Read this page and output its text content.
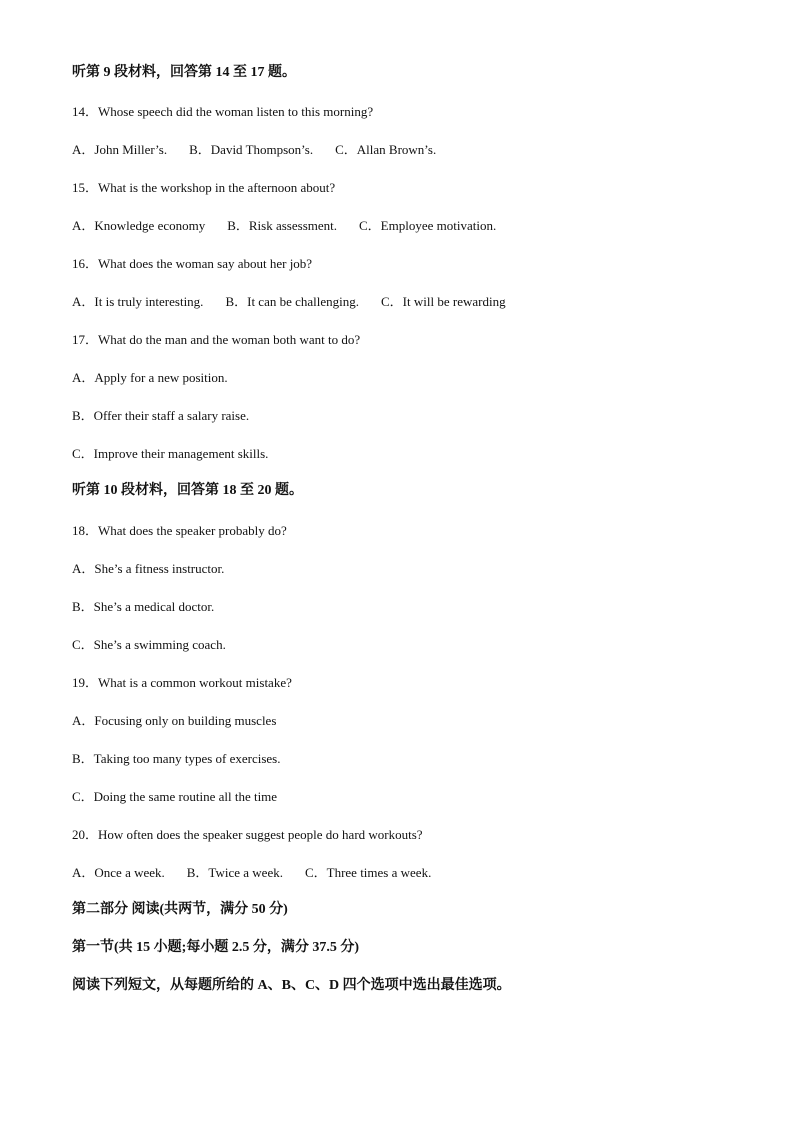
听第 9 段材料，回答第 14 至 17 题。
14．Whose speech did the woman listen to this morning?
A．John Miller’s. B．David Thompson’s. C．Allan Brown’s.
15．What is the workshop in the afternoon about?
A．Knowledge economy B．Risk assessment. C．Employee motivation.
16．What does the woman say about her job?
A．It is truly interesting. B．It can be challenging. C．It will be rewarding
17．What do the man and the woman both want to do?
A．Apply for a new position.
B．Offer their staff a salary raise.
C．Improve their management skills.
听第 10 段材料，回答第 18 至 20 题。
18．What does the speaker probably do?
A．She’s a fitness instructor.
B．She’s a medical doctor.
C．She’s a swimming coach.
19．What is a common workout mistake?
A．Focusing only on building muscles
B．Taking too many types of exercises.
C．Doing the same routine all the time
20．How often does the speaker suggest people do hard workouts?
A．Once a week. B．Twice a week. C．Three times a week.
第二部分 阅读(共两节，满分 50 分)
第一节(共 15 小题;每小题 2.5 分，满分 37.5 分)
阅读下列短文，从每题所给的 A、B、C、D 四个选项中选出最佳选项。
